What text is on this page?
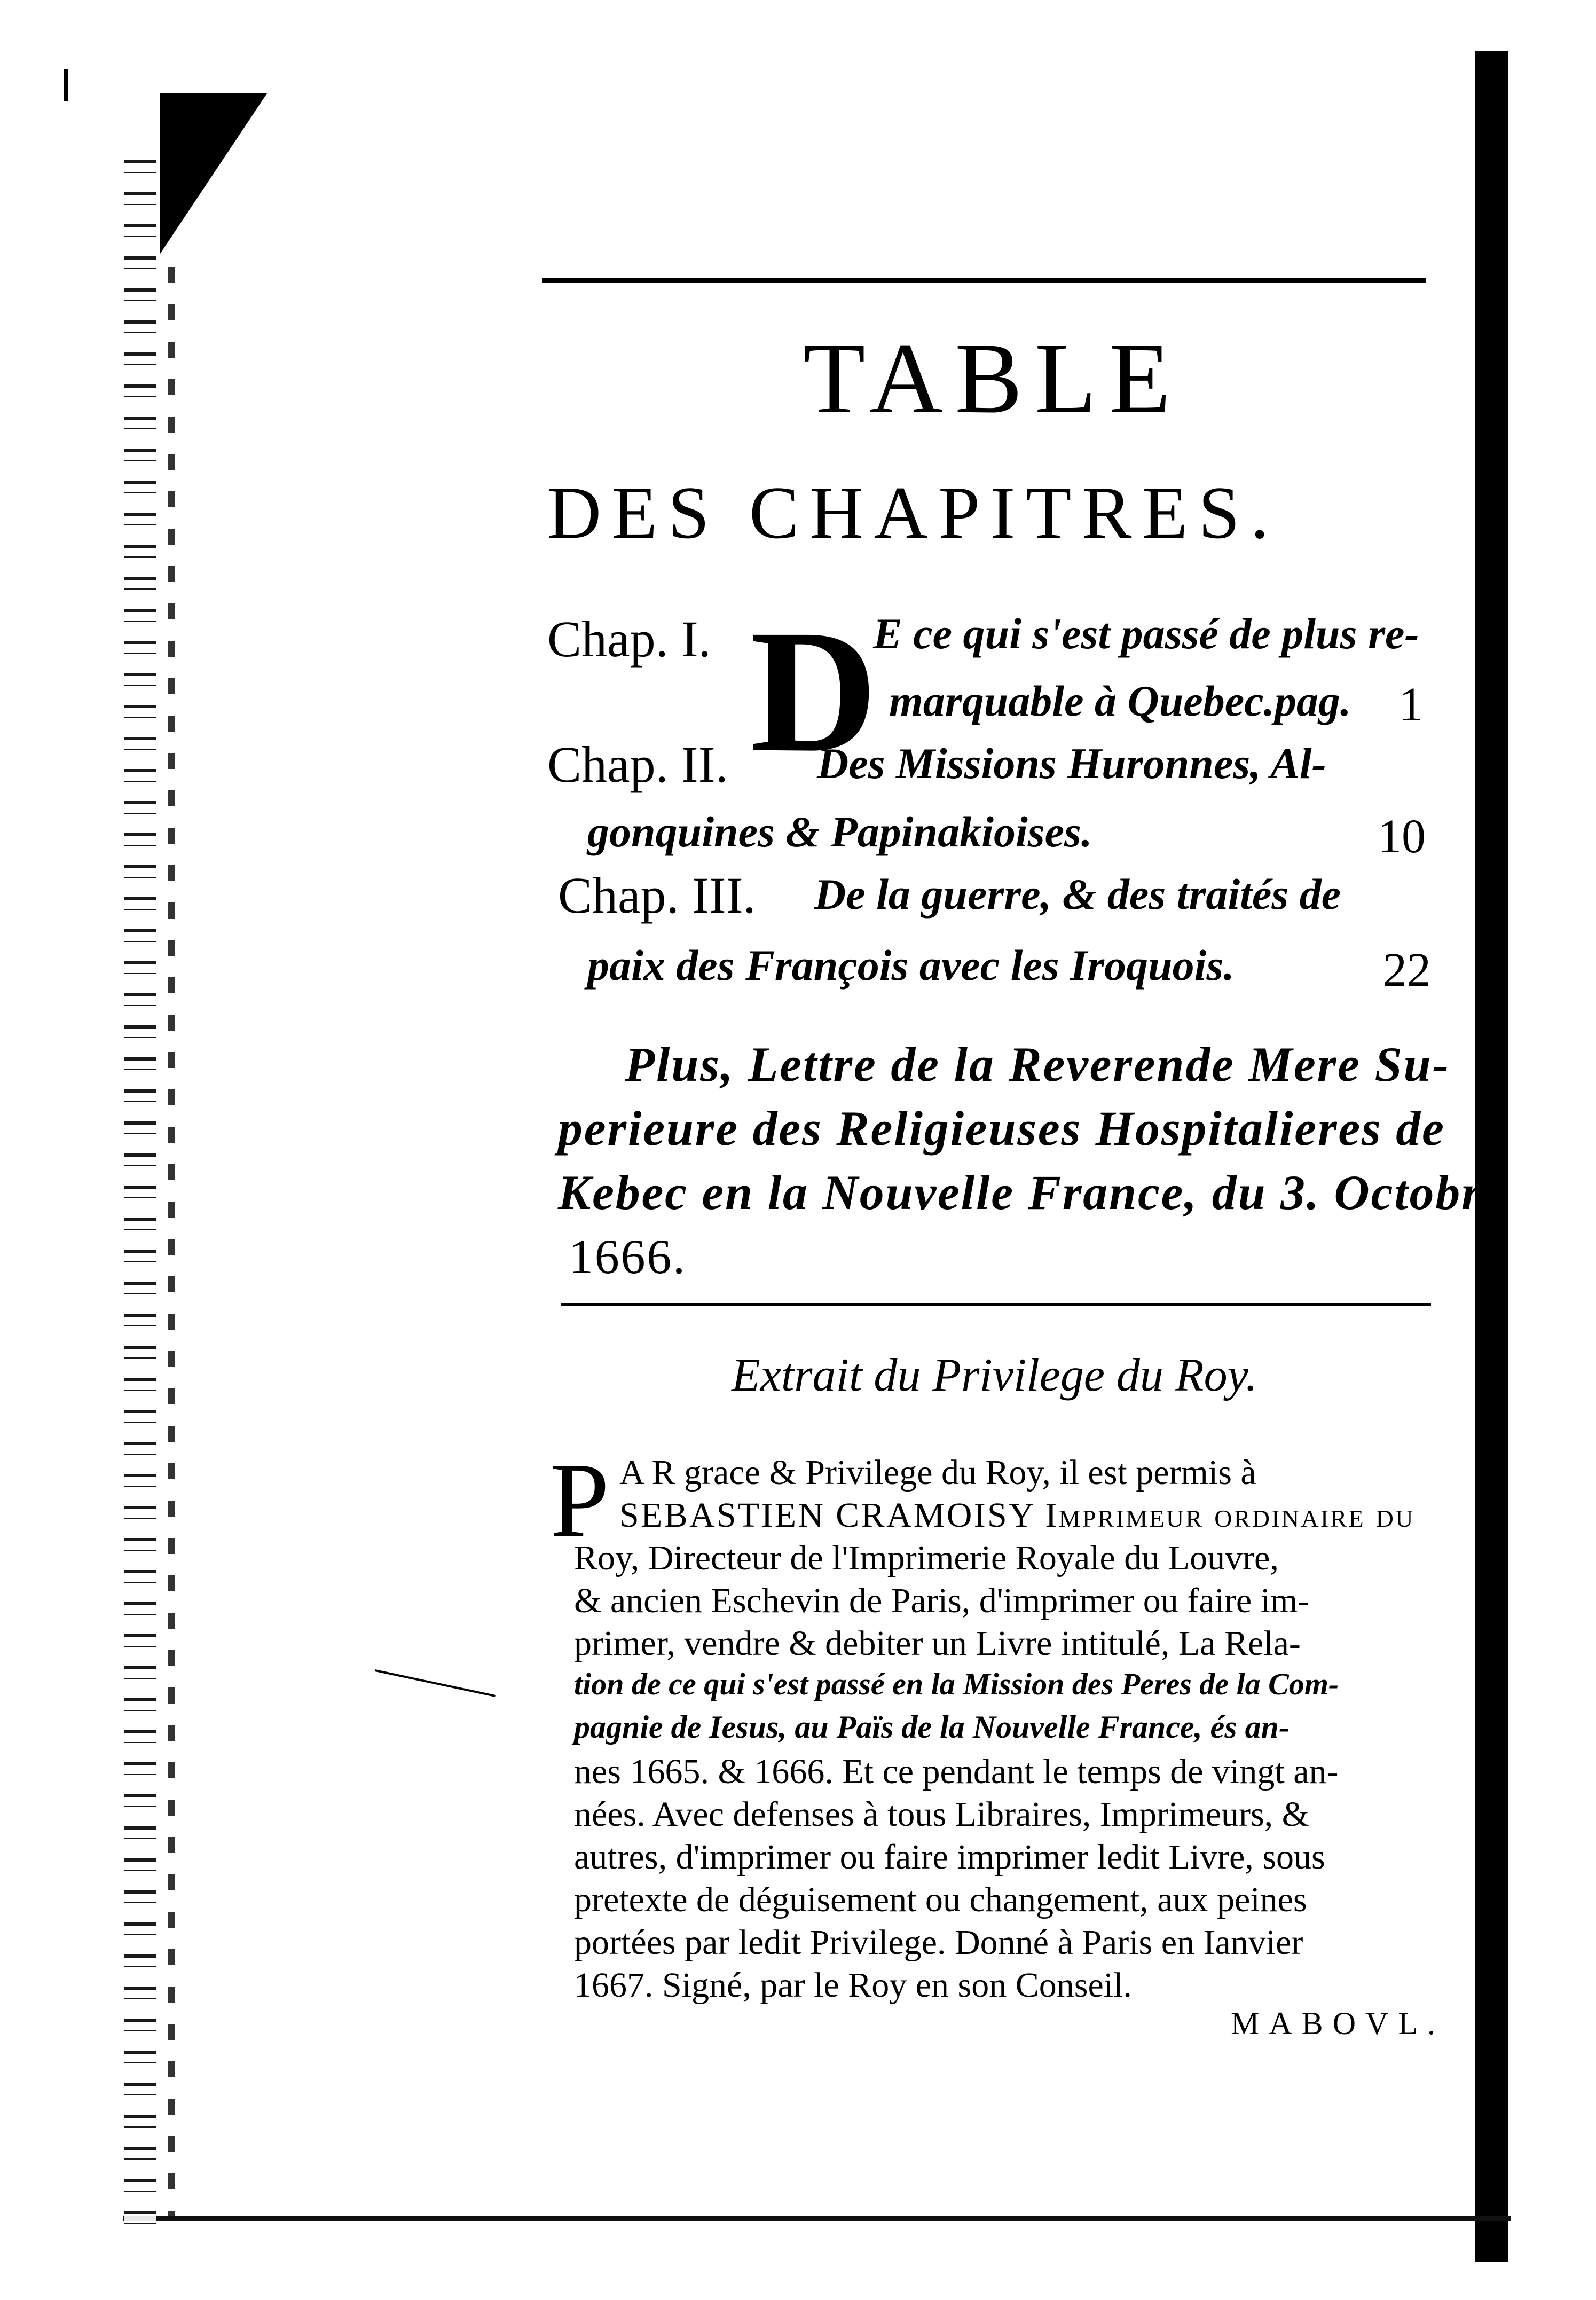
TABLE
DES CHAPITRES.
Chap. I.	E ce qui s'est passé de plus re-
D marquable à Quebec.pag. 1
Chap. II. Des Missions Huronnes, Al-
gonquines & Papinakioises.	10
Chap. III. De la guerre, & des traités de
paix des François avec les Iroquois.	22
Plus, Lettre de la Reverende Mere Su-
perieure des Religieuses Hospitalieres de
Kebec en la Nouvelle France, du 3. Octobre
1666.
Extrait du Privilege du Roy.
P A R grace & Privilege du Roy, il est permis à
SEBASTIEN CRAMOISY Imprimeur ordinaire du
Roy, Directeur de l'Imprimerie Royale du Louvre,
& ancien Eschevin de Paris, d'imprimer ou faire im-
primer, vendre & debiter un Livre intitulé, La Rela-
tion de ce qui s'est passé en la Mission des Peres de la Com-
pagnie de Iesus, au Païs de la Nouvelle France, és an-
nes 1665. & 1666. Et ce pendant le temps de vingt an-
nées. Avec defenses à tous Libraires, Imprimeurs, &
autres, d'imprimer ou faire imprimer ledit Livre, sous
pretexte de déguisement ou changement, aux peines
portées par ledit Privilege. Donné à Paris en Ianvier
1667. Signé, par le Roy en son Conseil.
MABOVL.
